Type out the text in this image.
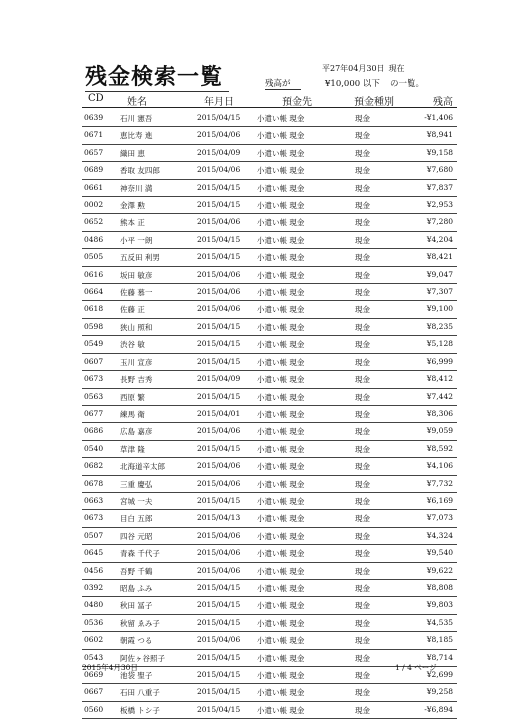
残金検索一覧	平27年04月30日 現在
残高が	¥10,000 以下 の一覧。
CD 姓名	年月日	預金先	預金種別	残高
0639 石川 憲吾	2015/04/15 小遣い帳 現金	現金	-¥1,406
0671 恵比寿 進	2015/04/06 小遣い帳 現金	現金	¥8,941
0657 織田 恵	2015/04/09 小遣い帳 現金	現金	¥9,158
0689 香取 友四郎	2015/04/06 小遣い帳 現金	現金	¥7,680
0661 神奈川 満	2015/04/15 小遣い帳 現金	現金	¥7,837
0002 金澤 勲	2015/04/15 小遣い帳 現金	現金	¥2,953
0652 熊本 正	2015/04/06 小遣い帳 現金	現金	¥7,280
0486 小平 一朗	2015/04/15 小遣い帳 現金	現金	¥4,204
0505 五反田 利男	2015/04/15 小遣い帳 現金	現金	¥8,421
0616 坂田 敏彦	2015/04/06 小遣い帳 現金	現金	¥9,047
0664 佐藤 慕一	2015/04/06 小遣い帳 現金	現金	¥7,307
0618 佐藤 正	2015/04/06 小遣い帳 現金	現金	¥9,100
0598 狭山 照和	2015/04/15 小遣い帳 現金	現金	¥8,235
0549 渋谷 敏	2015/04/15 小遣い帳 現金	現金	¥5,128
0607 玉川 宣彦	2015/04/15 小遣い帳 現金	現金	¥6,999
0673 長野 吉秀	2015/04/09 小遣い帳 現金	現金	¥8,412
0563 西原 繁	2015/04/15 小遣い帳 現金	現金	¥7,442
0677 練馬 衛	2015/04/01 小遣い帳 現金	現金	¥8,306
0686 広島 嘉彦	2015/04/06 小遣い帳 現金	現金	¥9,059
0540 草津 隆	2015/04/15 小遣い帳 現金	現金	¥8,592
0682 北海道辛太郎	2015/04/06 小遣い帳 現金	現金	¥4,106
0678 三重 慶弘	2015/04/06 小遣い帳 現金	現金	¥7,732
0663 宮城 一夫	2015/04/15 小遣い帳 現金	現金	¥6,169
0673 目白 五郎	2015/04/13 小遣い帳 現金	現金	¥7,073
0507 四谷 元昭	2015/04/06 小遣い帳 現金	現金	¥4,324
0645 青森 千代子	2015/04/06 小遣い帳 現金	現金	¥9,540
0456 吾野 千鶴	2015/04/06 小遣い帳 現金	現金	¥9,622
0392 昭島 ふみ	2015/04/15 小遣い帳 現金	現金	¥8,808
0480 秋田 冨子	2015/04/15 小遣い帳 現金	現金	¥9,803
0536 秋留 ゑみ子	2015/04/15 小遣い帳 現金	現金	¥4,535
0602 朝霞 つる	2015/04/06 小遣い帳 現金	現金	¥8,185
0543 阿佐ヶ谷照子	2015/04/15 小遣い帳 現金	現金	¥8,714
0669 池袋 聖子	2015/04/15 小遣い帳 現金	現金	¥2,699
0667 石田 八重子	2015/04/15 小遣い帳 現金	現金	¥9,258
0560 板橋 トシ子	2015/04/15 小遣い帳 現金	現金	-¥6,894
2015年4月30日	1 / 4 ページ
